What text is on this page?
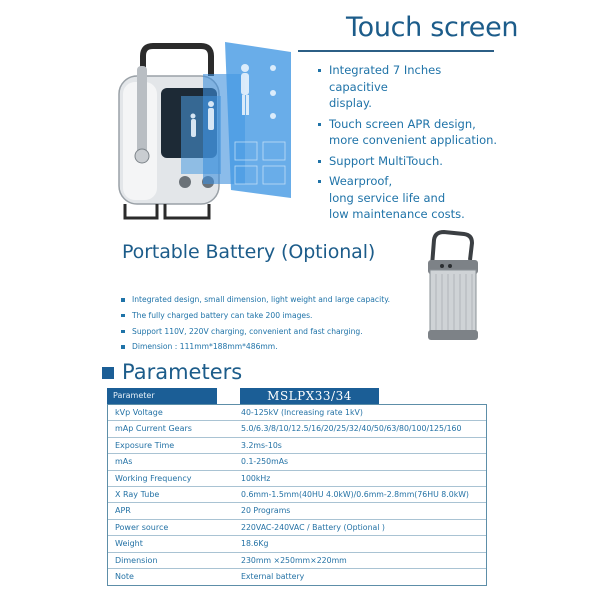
Touch screen
Integrated 7 Inches capacitive
display.
Touch screen APR design,
more convenient application.
Support MultiTouch.
Wearproof,
long service life and
low maintenance costs.
Portable Battery (Optional)
Integrated design, small dimension, light weight and large capacity.
The fully charged battery can take 200 images.
Support 110V, 220V charging, convenient and fast charging.
Dimension : 111mm*188mm*486mm.
Parameters
Parameter	MSLPX33/34
kVp Voltage	40-125kV (Increasing rate 1kV)
mAp Current Gears	5.0/6.3/8/10/12.5/16/20/25/32/40/50/63/80/100/125/160
Exposure Time	3.2ms-10s
mAs	0.1-250mAs
Working Frequency	100kHz
X Ray Tube	0.6mm-1.5mm(40HU 4.0kW)/0.6mm-2.8mm(76HU 8.0kW)
APR	20 Programs
Power source	220VAC-240VAC / Battery (Optional )
Weight	18.6Kg
Dimension	230mm ×250mm×220mm
Note	External battery
